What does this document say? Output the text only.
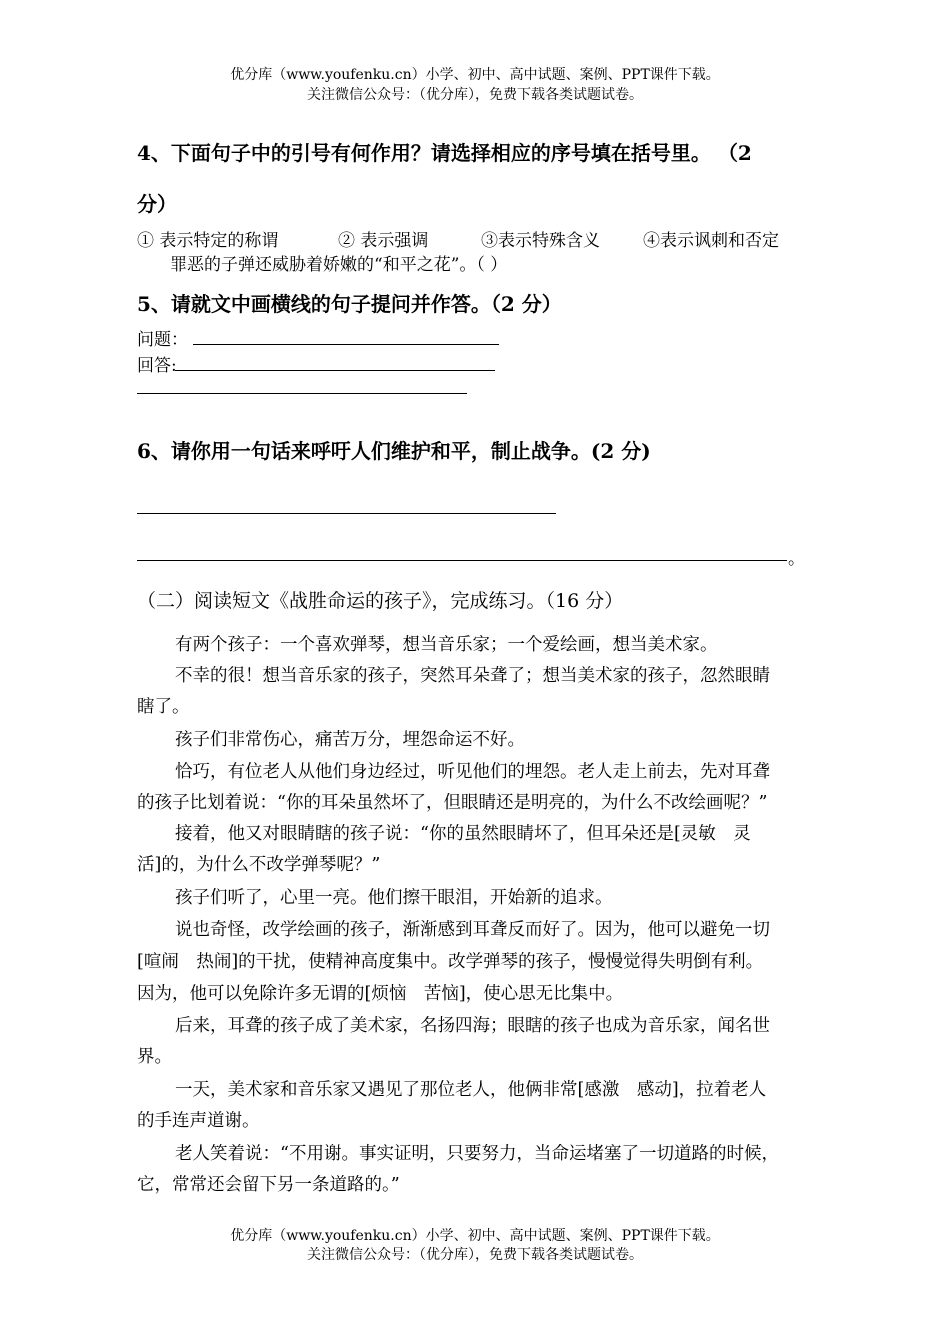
优分库（www.youfenku.cn）小学、初中、高中试题、案例、PPT课件下载。
关注微信公众号：（优分库），免费下载各类试题试卷。
4、下面句子中的引号有何作用？请选择相应的序号填在括号里。 （2
分）
① 表示特定的称谓	② 表示强调	③表示特殊含义	④表示讽刺和否定
罪恶的子弹还威胁着娇嫩的“和平之花”。（ ）
5、请就文中画横线的句子提问并作答。（2 分）
问题：
回答:
6、请你用一句话来呼吁人们维护和平，制止战争。(2 分)
。
（二）阅读短文《战胜命运的孩子》，完成练习。（16 分）
有两个孩子：一个喜欢弹琴，想当音乐家；一个爱绘画，想当美术家。
不幸的很！想当音乐家的孩子，突然耳朵聋了；想当美术家的孩子，忽然眼睛
瞎了。
孩子们非常伤心，痛苦万分，埋怨命运不好。
恰巧，有位老人从他们身边经过，听见他们的埋怨。老人走上前去，先对耳聋
的孩子比划着说：“你的耳朵虽然坏了，但眼睛还是明亮的，为什么不改绘画呢？”
接着，他又对眼睛瞎的孩子说：“你的虽然眼睛坏了，但耳朵还是[灵敏　灵
活]的，为什么不改学弹琴呢？”
孩子们听了，心里一亮。他们擦干眼泪，开始新的追求。
说也奇怪，改学绘画的孩子，渐渐感到耳聋反而好了。因为，他可以避免一切
[喧闹　热闹]的干扰，使精神高度集中。改学弹琴的孩子，慢慢觉得失明倒有利。
因为，他可以免除许多无谓的[烦恼　苦恼]，使心思无比集中。
后来，耳聋的孩子成了美术家，名扬四海；眼瞎的孩子也成为音乐家，闻名世
界。
一天，美术家和音乐家又遇见了那位老人，他俩非常[感激　感动]，拉着老人
的手连声道谢。
老人笑着说：“不用谢。事实证明，只要努力，当命运堵塞了一切道路的时候，
它，常常还会留下另一条道路的。”
优分库（www.youfenku.cn）小学、初中、高中试题、案例、PPT课件下载。
关注微信公众号：（优分库），免费下载各类试题试卷。
